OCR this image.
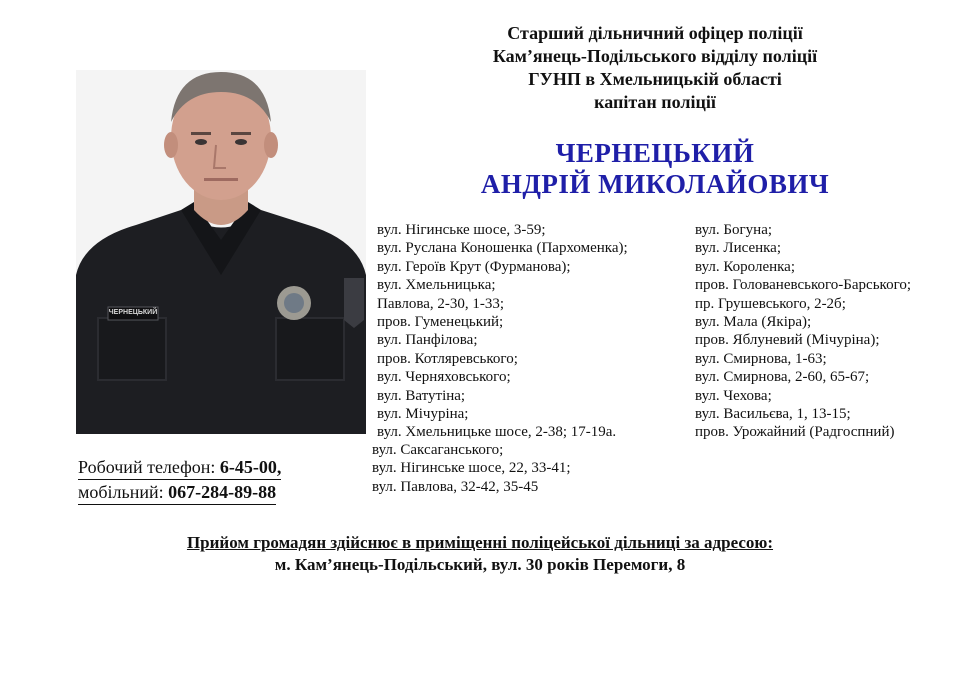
Старший дільничний офіцер поліції
Кам’янець-Подільського відділу поліції
ГУНП в Хмельницькій області
капітан поліції
ЧЕРНЕЦЬКИЙ
АНДРІЙ МИКОЛАЙОВИЧ
ЧЕРНЕЦЬКИЙ
вул. Нігинське шосе, 3-59;
вул. Руслана Коношенка (Пархоменка);
вул. Героїв Крут (Фурманова);
вул. Хмельницька;
Павлова, 2-30, 1-33;
пров. Гуменецький;
вул. Панфілова;
пров. Котляревського;
вул. Черняховського;
вул. Ватутіна;
вул. Мічуріна;
вул. Хмельницьке шосе, 2-38; 17-19а.
вул. Саксаганського;
вул. Нігинське шосе, 22, 33-41;
вул. Павлова, 32-42, 35-45
вул. Богуна;
вул. Лисенка;
вул. Короленка;
пров. Голованевського-Барського;
пр. Грушевського, 2-2б;
вул. Мала (Якіра);
пров. Яблуневий (Мічуріна);
вул. Смирнова, 1-63;
вул. Смирнова, 2-60, 65-67;
вул. Чехова;
вул. Васильєва, 1, 13-15;
пров. Урожайний (Радгоспний)
Робочий телефон: 6-45-00,
мобільний: 067-284-89-88
Прийом громадян здійснює в приміщенні поліцейської дільниці за адресою:
м. Кам’янець-Подільський, вул. 30 років Перемоги, 8
